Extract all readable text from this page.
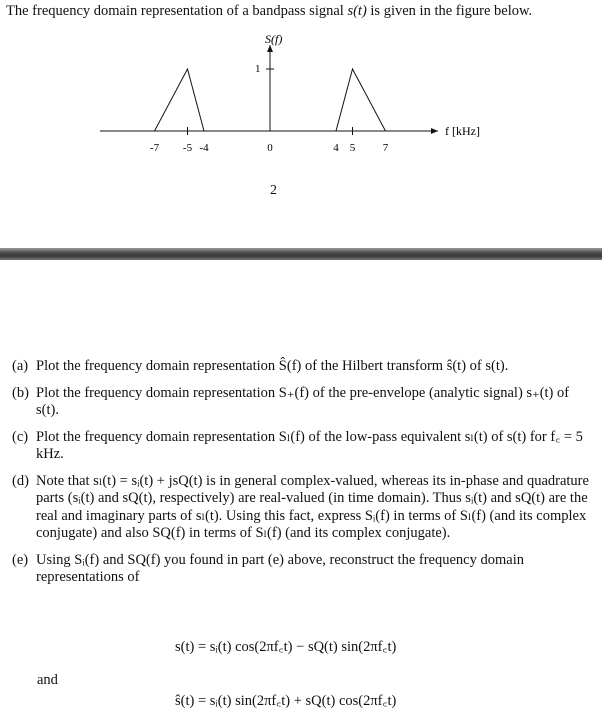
The frequency domain representation of a bandpass signal s(t) is given in the figure below.
S(f)
1
f [kHz]
-7 -5 -4	0	4 5	7
2
(a) Plot the frequency domain representation Ŝ(f) of the Hilbert transform ŝ(t) of s(t).
(b) Plot the frequency domain representation S₊(f) of the pre-envelope (analytic signal) s₊(t) of s(t).
(c) Plot the frequency domain representation Sₗ(f) of the low-pass equivalent sₗ(t) of s(t) for f꜀ = 5 kHz.
(d) Note that sₗ(t) = sᵢ(t) + jsQ(t) is in general complex-valued, whereas its in-phase and quadrature parts (sᵢ(t) and sQ(t), respectively) are real-valued (in time domain). Thus sᵢ(t) and sQ(t) are the real and imaginary parts of sₗ(t). Using this fact, express Sᵢ(f) in terms of Sₗ(f) (and its complex conjugate) and also SQ(f) in terms of Sₗ(f) (and its complex conjugate).
(e) Using Sᵢ(f) and SQ(f) you found in part (e) above, reconstruct the frequency domain representations of
s(t) = sᵢ(t) cos(2πf꜀t) − sQ(t) sin(2πf꜀t)
and
ŝ(t) = sᵢ(t) sin(2πf꜀t) + sQ(t) cos(2πf꜀t)
